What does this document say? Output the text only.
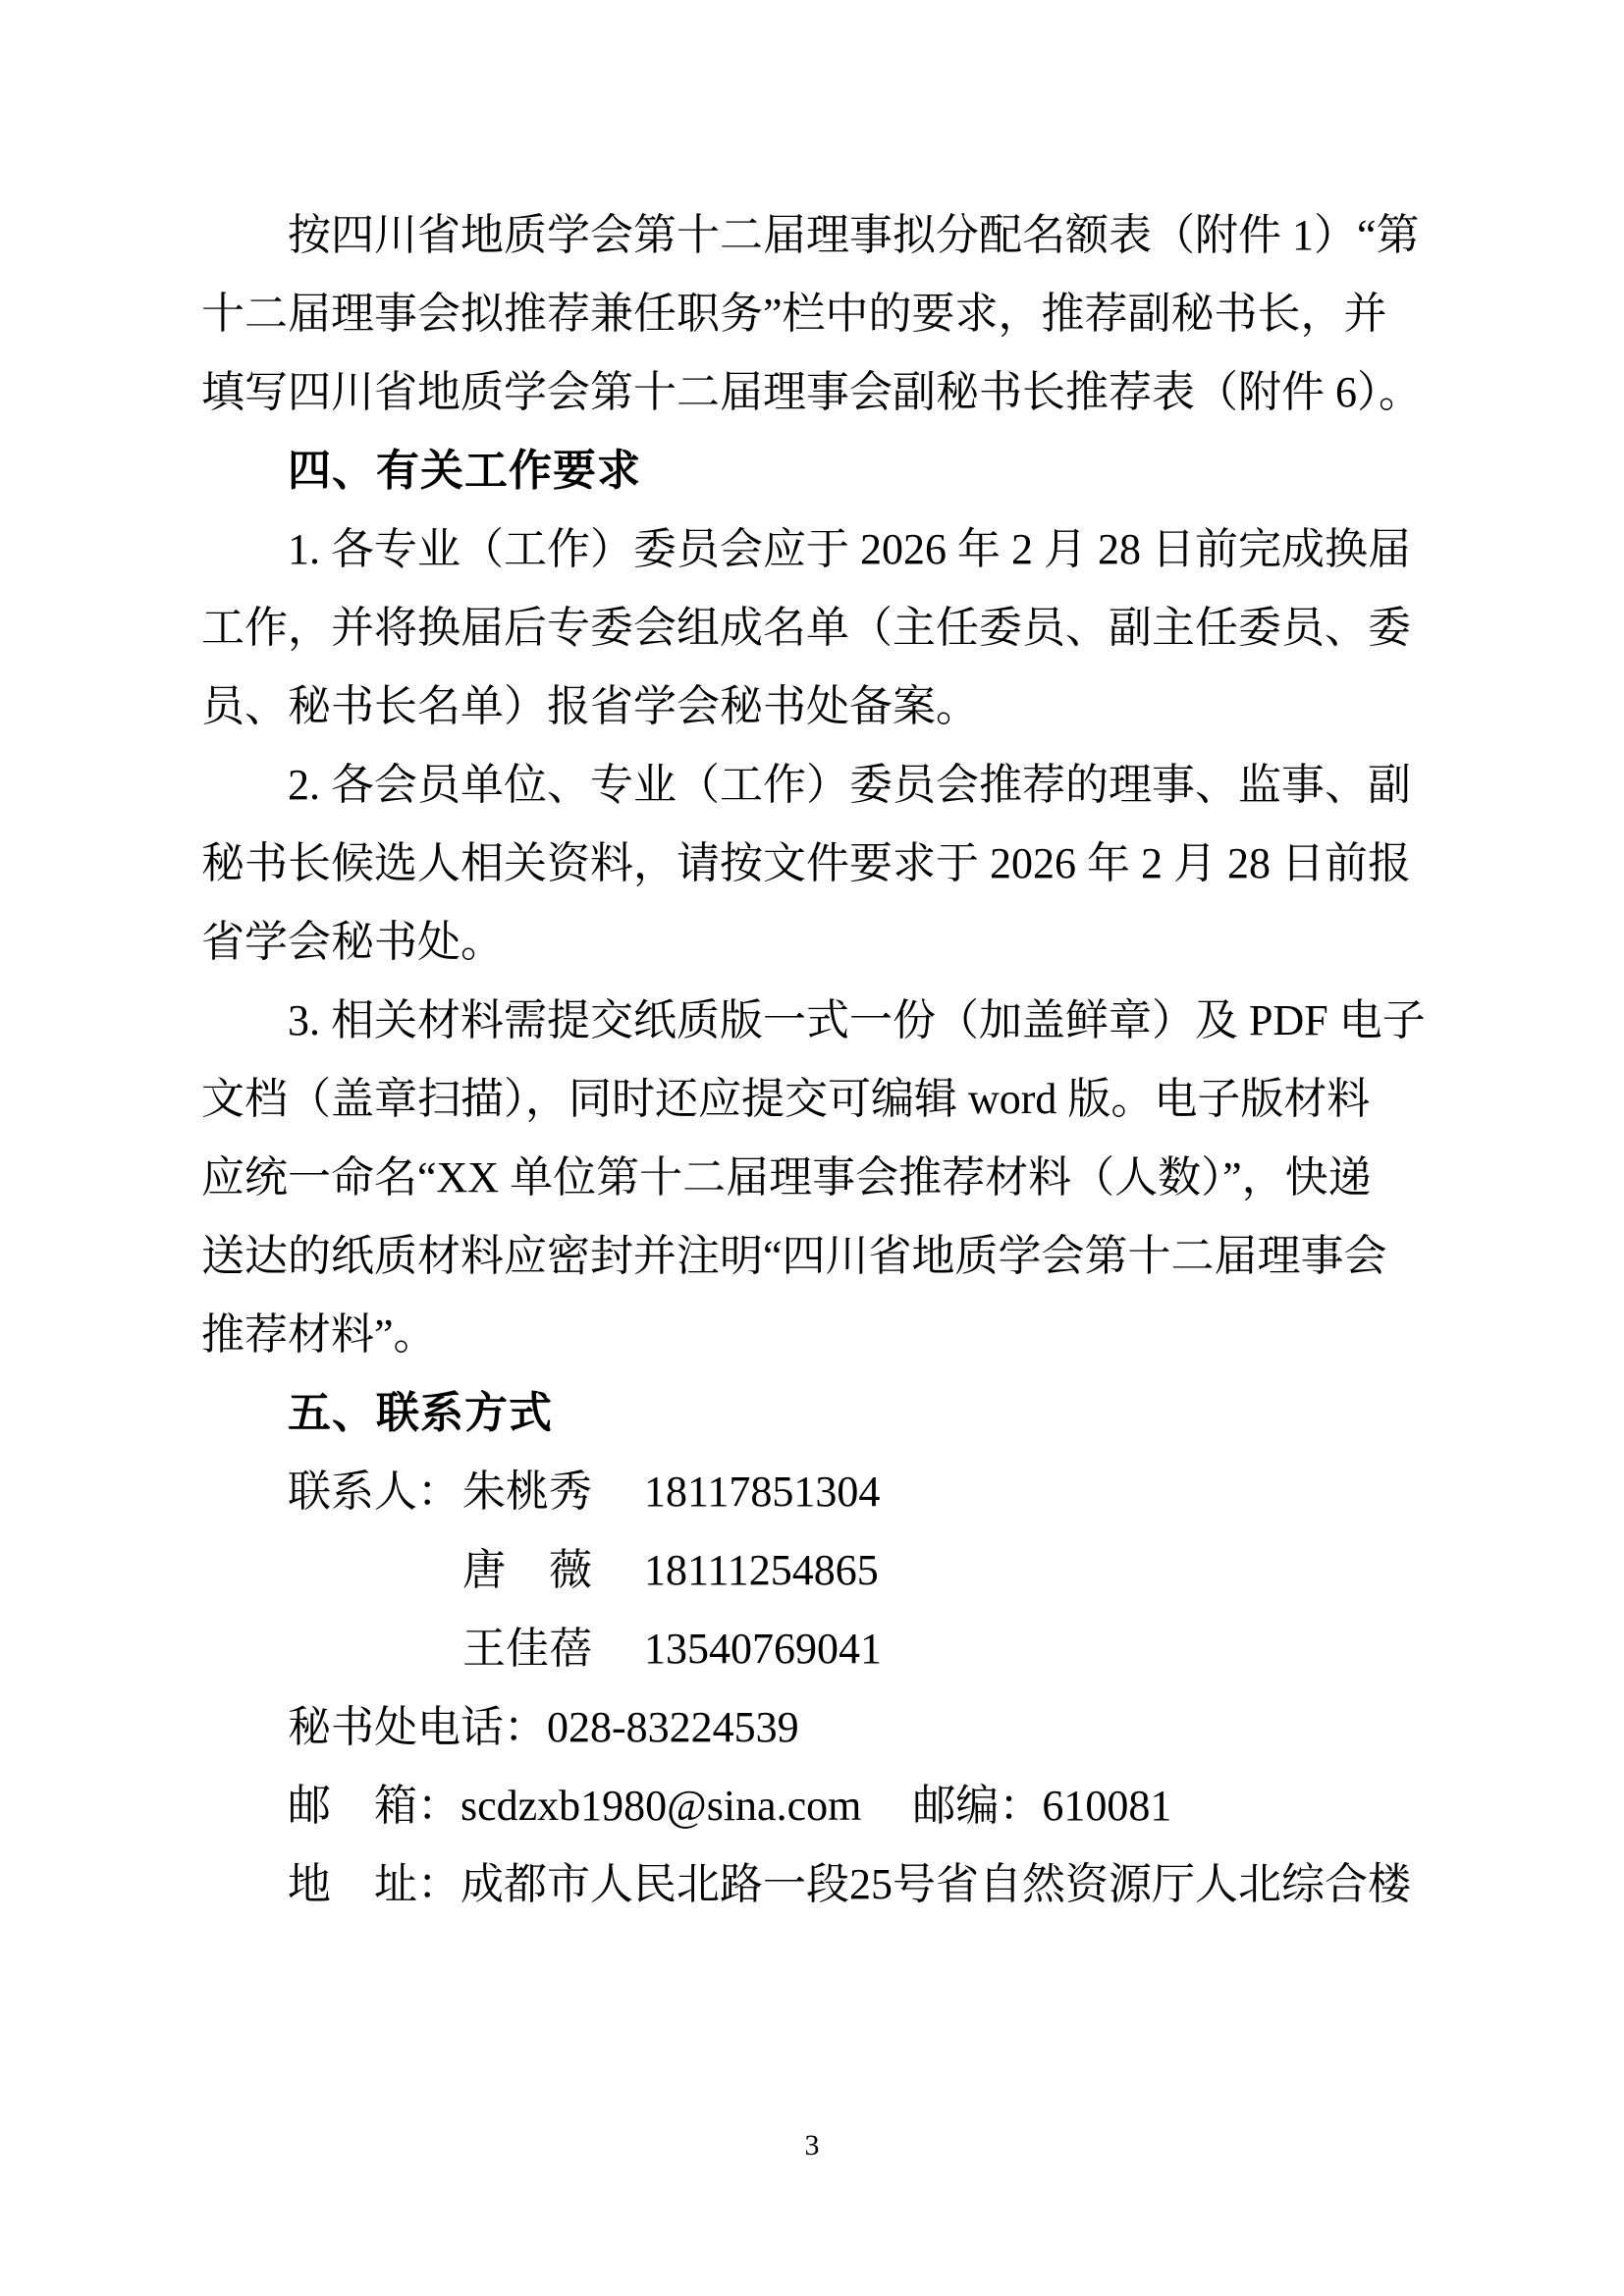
按四川省地质学会第十二届理事拟分配名额表（附件 1）“第
十二届理事会拟推荐兼任职务”栏中的要求，推荐副秘书长，并
填写四川省地质学会第十二届理事会副秘书长推荐表（附件 6）。
四、有关工作要求
1. 各专业（工作）委员会应于 2026 年 2 月 28 日前完成换届
工作，并将换届后专委会组成名单（主任委员、副主任委员、委
员、秘书长名单）报省学会秘书处备案。
2. 各会员单位、专业（工作）委员会推荐的理事、监事、副
秘书长候选人相关资料，请按文件要求于 2026 年 2 月 28 日前报
省学会秘书处。
3. 相关材料需提交纸质版一式一份（加盖鲜章）及 PDF 电子
文档（盖章扫描），同时还应提交可编辑 word 版。电子版材料
应统一命名“XX 单位第十二届理事会推荐材料（人数）”，快递
送达的纸质材料应密封并注明“四川省地质学会第十二届理事会
推荐材料”。
五、联系方式
联系人： 朱桃秀	18117851304
唐　薇	18111254865
王佳蓓	13540769041
秘书处电话：028-83224539
邮　箱：scdzxb1980@sina.com 邮编：610081
地　址：成都市人民北路一段25号省自然资源厅人北综合楼
3
